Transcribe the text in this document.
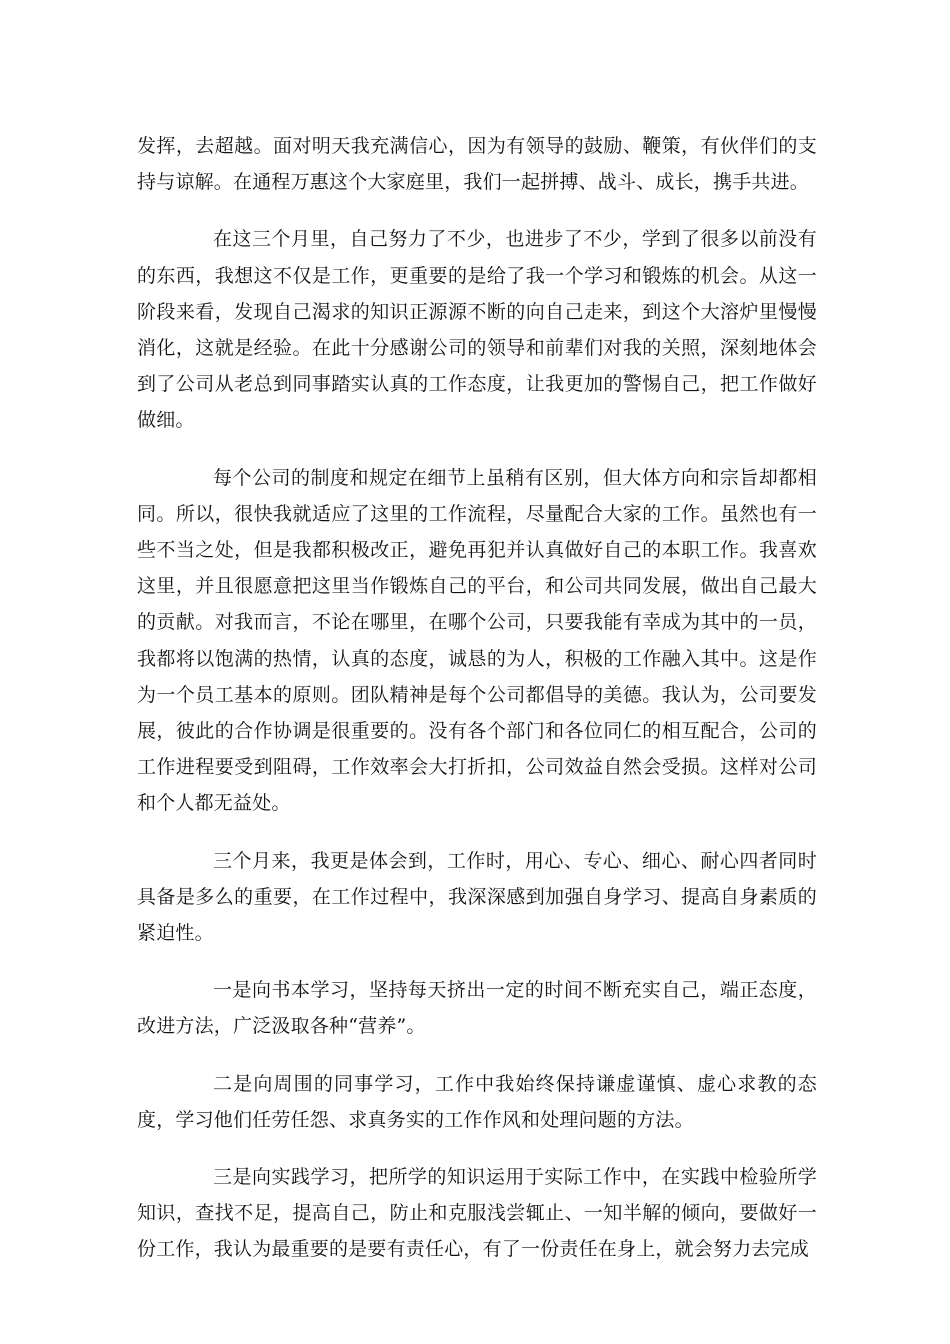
发挥，去超越。面对明天我充满信心，因为有领导的鼓励、鞭策，有伙伴们的支持与谅解。在通程万惠这个大家庭里，我们一起拼搏、战斗、成长，携手共进。

在这三个月里，自己努力了不少，也进步了不少，学到了很多以前没有的东西，我想这不仅是工作，更重要的是给了我一个学习和锻炼的机会。从这一阶段来看，发现自己渴求的知识正源源不断的向自己走来，到这个大溶炉里慢慢消化，这就是经验。在此十分感谢公司的领导和前辈们对我的关照，深刻地体会到了公司从老总到同事踏实认真的工作态度，让我更加的警惕自己，把工作做好做细。

每个公司的制度和规定在细节上虽稍有区别，但大体方向和宗旨却都相同。所以，很快我就适应了这里的工作流程，尽量配合大家的工作。虽然也有一些不当之处，但是我都积极改正，避免再犯并认真做好自己的本职工作。我喜欢这里，并且很愿意把这里当作锻炼自己的平台，和公司共同发展，做出自己最大的贡献。对我而言，不论在哪里，在哪个公司，只要我能有幸成为其中的一员，我都将以饱满的热情，认真的态度，诚恳的为人，积极的工作融入其中。这是作为一个员工基本的原则。团队精神是每个公司都倡导的美德。我认为，公司要发展，彼此的合作协调是很重要的。没有各个部门和各位同仁的相互配合，公司的工作进程要受到阻碍，工作效率会大打折扣，公司效益自然会受损。这样对公司和个人都无益处。

三个月来，我更是体会到，工作时，用心、专心、细心、耐心四者同时具备是多么的重要，在工作过程中，我深深感到加强自身学习、提高自身素质的紧迫性。

一是向书本学习，坚持每天挤出一定的时间不断充实自己，端正态度，改进方法，广泛汲取各种“营养”。

二是向周围的同事学习，工作中我始终保持谦虚谨慎、虚心求教的态度，学习他们任劳任怨、求真务实的工作作风和处理问题的方法。

三是向实践学习，把所学的知识运用于实际工作中，在实践中检验所学知识，查找不足，提高自己，防止和克服浅尝辄止、一知半解的倾向，要做好一份工作，我认为最重要的是要有责任心，有了一份责任在身上，就会努力去完成
